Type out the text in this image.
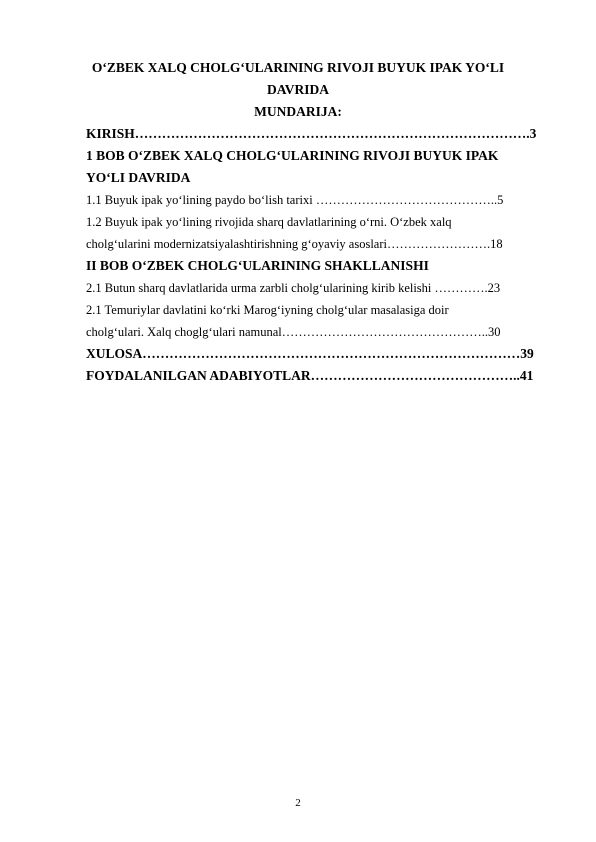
O‘ZBEK XALQ CHOLG‘ULARINING RIVOJI BUYUK IPAK YO‘LI
DAVRIDA
MUNDARIJA:
KIRISH…………………………………………………………………………….3
1 BOB O‘ZBEK XALQ CHOLG‘ULARINING RIVOJI BUYUK IPAK
YO‘LI DAVRIDA
1.1 Buyuk ipak yo‘lining paydo bo‘lish tarixi ……………………………………..5
1.2 Buyuk ipak yo‘lining rivojida sharq davlatlarining o‘rni. O‘zbek xalq
cholg‘ularini modernizatsiyalashtirishning g‘oyaviy asoslari…………………….18
II BOB O‘ZBEK CHOLG‘ULARINING SHAKLLANISHI
2.1 Butun sharq davlatlarida urma zarbli cholg‘ularining kirib kelishi ………….23
2.1 Temuriylar davlatini ko‘rki Marog‘iyning cholg‘ular masalasiga doir
cholg‘ulari. Xalq choglg‘ulari namunal…………………………………………..30
XULOSA…………………………………………………………………………39
FOYDALANILGAN ADABIYOTLAR………………………………………..41
2
